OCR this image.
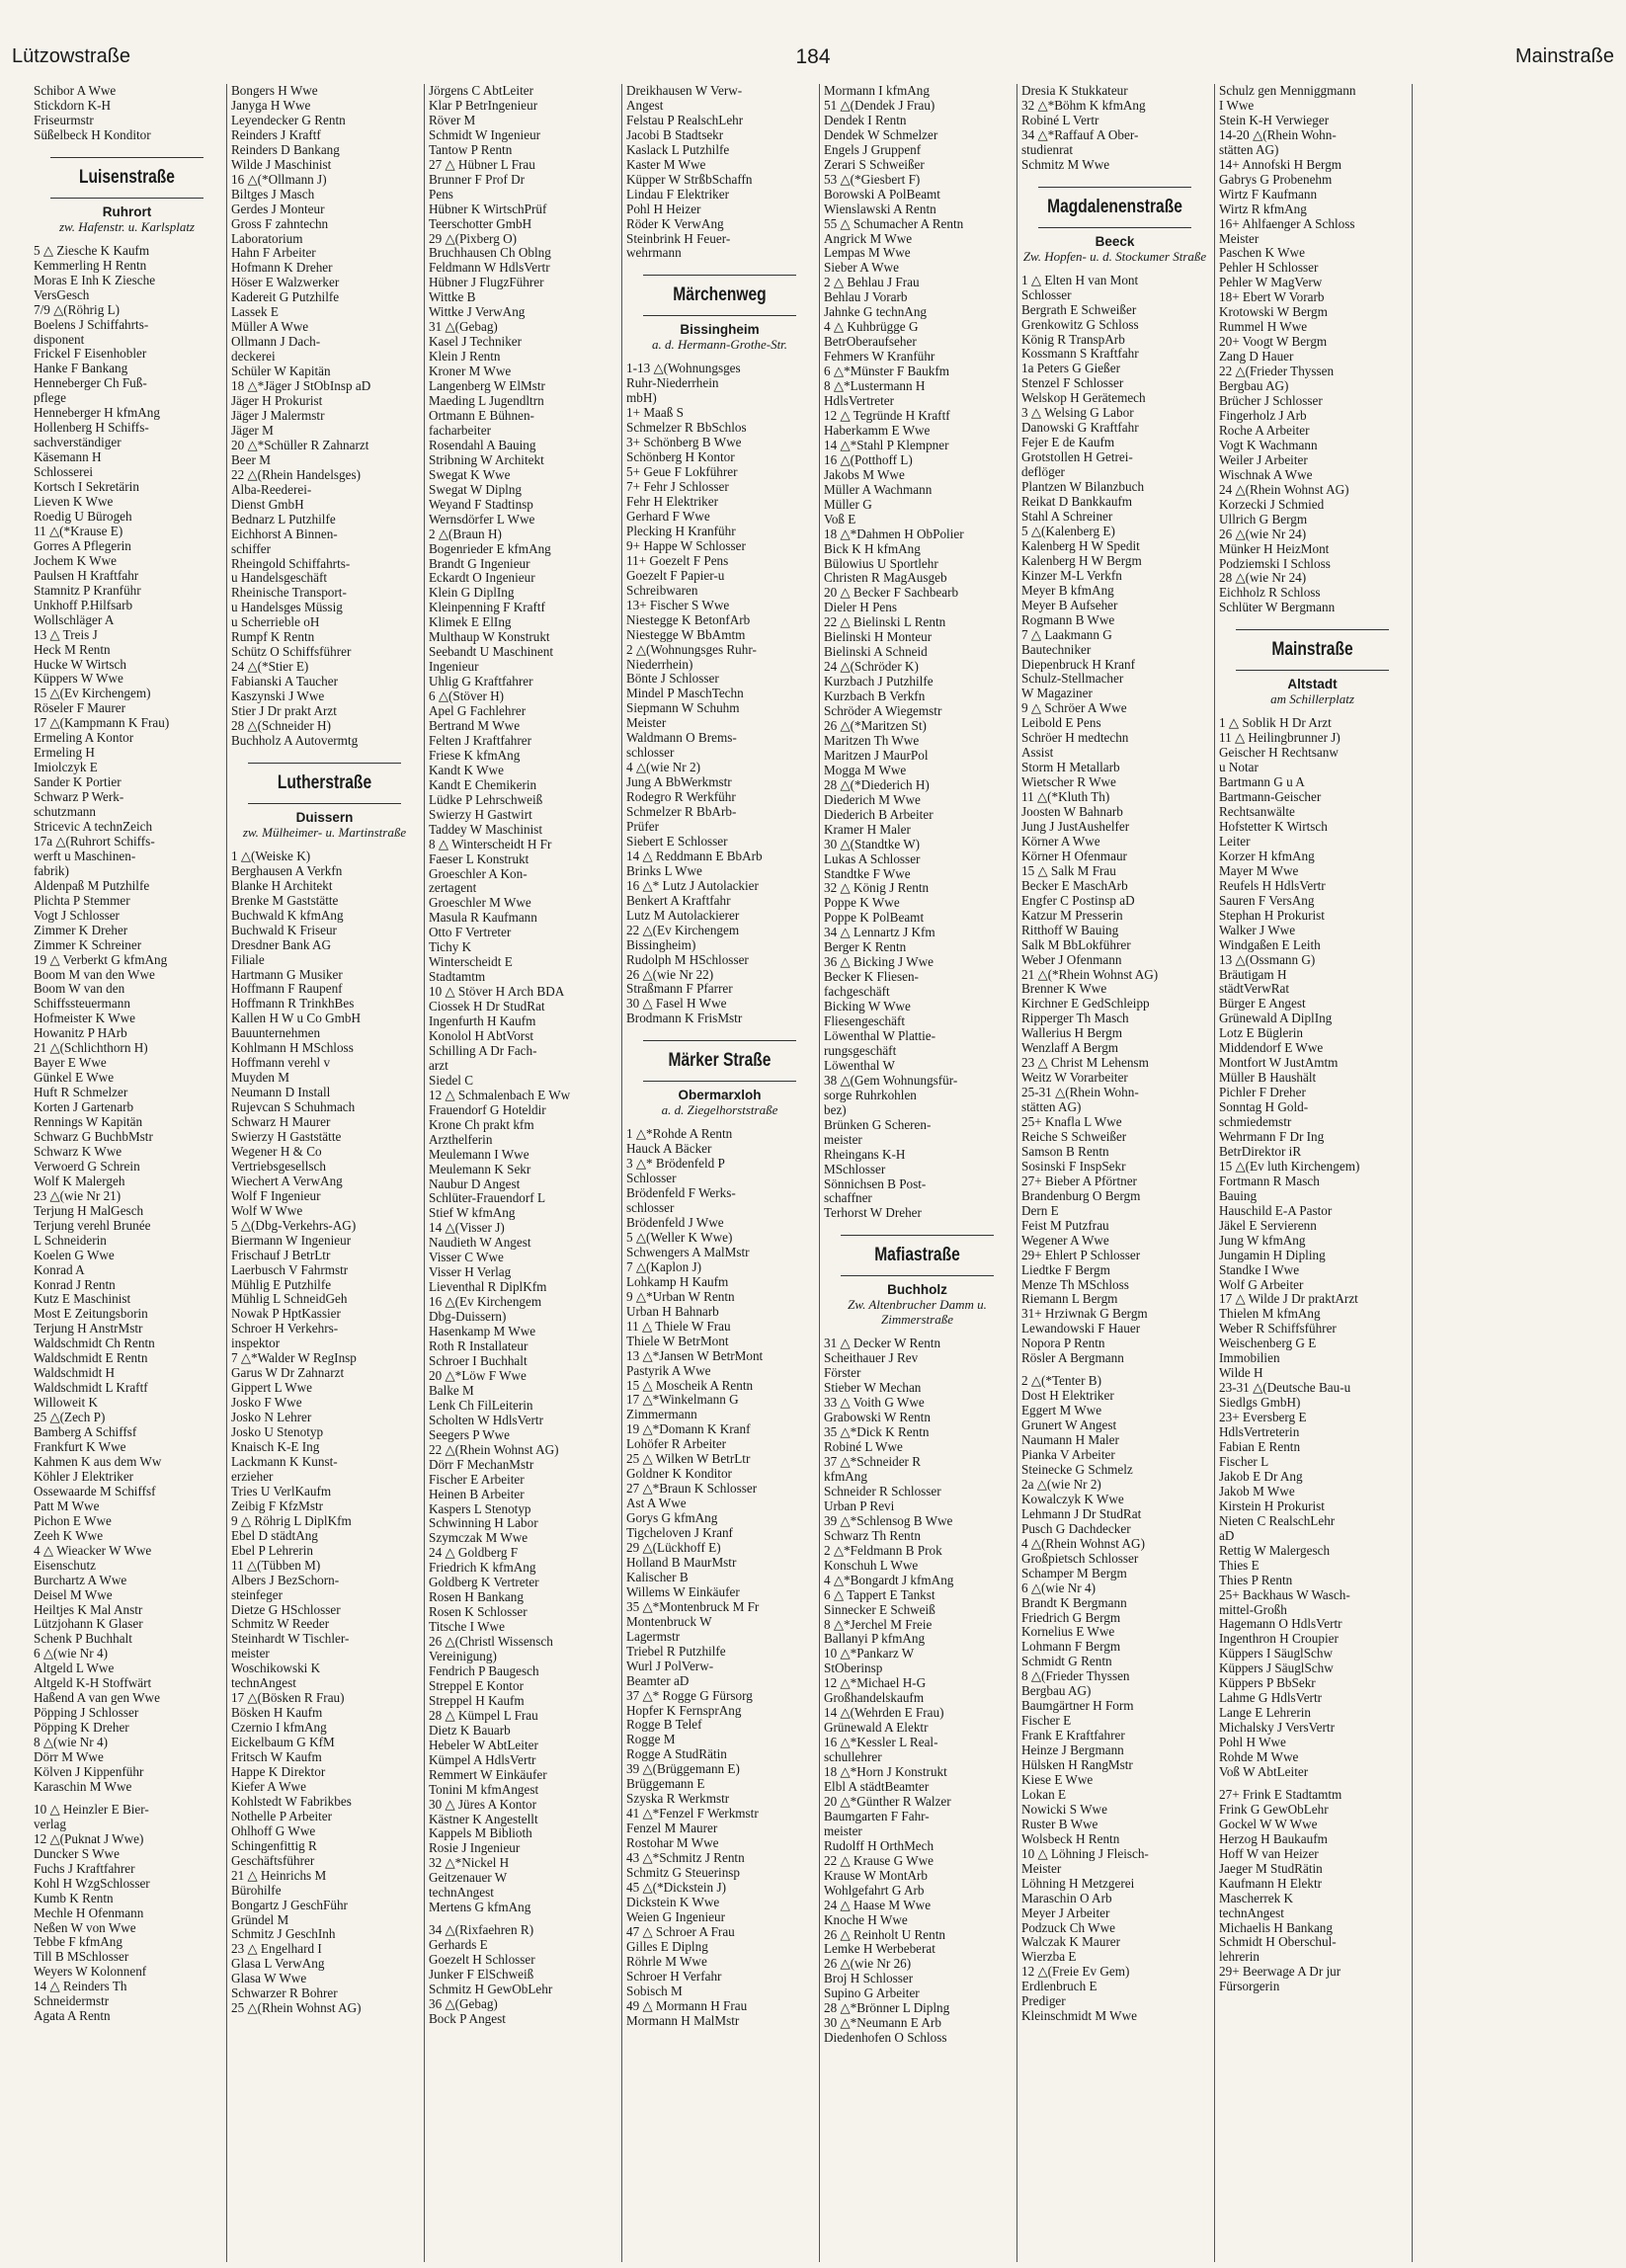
Lützowstraße	184	Mainstraße
Schibor A Wwe
Stickdorn K-H
Friseurmstr
Süßelbeck H Konditor
Luisenstraße
Ruhrort
zw. Hafenstr. u. Karlsplatz
5 △ Ziesche K Kaufm
Kemmerling H Rentn
Moras E Inh K Ziesche
VersGesch
7/9 △(Röhrig L)
Boelens J Schiffahrts-
disponent
Frickel F Eisenhobler
Hanke F Bankang
Henneberger Ch Fuß-
pflege
Henneberger H kfmAng
Hollenberg H Schiffs-
sachverständiger
Käsemann H
Schlosserei
Kortsch I Sekretärin
Lieven K Wwe
Roedig U Bürogeh
11 △(*Krause E)
Gorres A Pflegerin
Jochem K Wwe
Paulsen H Kraftfahr
Stamnitz P Kranführ
Unkhoff P.Hilfsarb
Wollschläger A
13 △ Treis J
Heck M Rentn
Hucke W Wirtsch
Küppers W Wwe
15 △(Ev Kirchengem)
Röseler F Maurer
17 △(Kampmann K Frau)
Ermeling A Kontor
Ermeling H
Imiolczyk E
Sander K Portier
Schwarz P Werk-
schutzmann
Stricevic A technZeich
17a △(Ruhrort Schiffs-
werft u Maschinen-
fabrik)
Aldenpaß M Putzhilfe
Plichta P Stemmer
Vogt J Schlosser
Zimmer K Dreher
Zimmer K Schreiner
19 △ Verberkt G kfmAng
Boom M van den Wwe
Boom W van den
Schiffssteuermann
Hofmeister K Wwe
Howanitz P HArb
21 △(Schlichthorn H)
Bayer E Wwe
Günkel E Wwe
Huft R Schmelzer
Korten J Gartenarb
Rennings W Kapitän
Schwarz G BuchbMstr
Schwarz K Wwe
Verwoerd G Schrein
Wolf K Malergeh
23 △(wie Nr 21)
Terjung H MalGesch
Terjung verehl Brunée
L Schneiderin
Koelen G Wwe
Konrad A
Konrad J Rentn
Kutz E Maschinist
Most E Zeitungsborin
Terjung H AnstrMstr
Waldschmidt Ch Rentn
Waldschmidt E Rentn
Waldschmidt H
Waldschmidt L Kraftf
Willoweit K
25 △(Zech P)
Bamberg A Schiffsf
Frankfurt K Wwe
Kahmen K aus dem Ww
Köhler J Elektriker
Ossewaarde M Schiffsf
Patt M Wwe
Pichon E Wwe
Zeeh K Wwe
4 △ Wieacker W Wwe
Eisenschutz
Burchartz A Wwe
Deisel M Wwe
Heiltjes K Mal Anstr
Lützjohann K Glaser
Schenk P Buchhalt
6 △(wie Nr 4)
Altgeld L Wwe
Altgeld K-H Stoffwärt
Haßend A van gen Wwe
Pöpping J Schlosser
Pöpping K Dreher
8 △(wie Nr 4)
Dörr M Wwe
Kölven J Kippenführ
Karaschin M Wwe
10 △ Heinzler E Bier-
verlag
12 △(Puknat J Wwe)
Duncker S Wwe
Fuchs J Kraftfahrer
Kohl H WzgSchlosser
Kumb K Rentn
Mechle H Ofenmann
Neßen W von Wwe
Tebbe F kfmAng
Till B MSchlosser
Weyers W Kolonnenf
14 △ Reinders Th
Schneidermstr
Agata A Rentn
Bongers H Wwe
Janyga H Wwe
Leyendecker G Rentn
Reinders J Kraftf
Reinders D Bankang
Wilde J Maschinist
16 △(*Ollmann J)
Biltges J Masch
Gerdes J Monteur
Gross F zahntechn
Laboratorium
Hahn F Arbeiter
Hofmann K Dreher
Höser E Walzwerker
Kadereit G Putzhilfe
Lassek E
Müller A Wwe
Ollmann J Dach-
deckerei
Schüler W Kapitän
18 △*Jäger J StObInsp aD
Jäger H Prokurist
Jäger J Malermstr
Jäger M
20 △*Schüller R Zahnarzt
Beer M
22 △(Rhein Handelsges)
Alba-Reederei-
Dienst GmbH
Bednarz L Putzhilfe
Eichhorst A Binnen-
schiffer
Rheingold Schiffahrts-
u Handelsgeschäft
Rheinische Transport-
u Handelsges Müssig
u Scherrieble oH
Rumpf K Rentn
Schütz O Schiffsführer
24 △(*Stier E)
Fabianski A Taucher
Kaszynski J Wwe
Stier J Dr prakt Arzt
28 △(Schneider H)
Buchholz A Autovermtg
Lutherstraße
Duissern
zw. Mülheimer- u. Martinstraße
1 △(Weiske K)
Berghausen A Verkfn
Blanke H Architekt
Brenke M Gaststätte
Buchwald K kfmAng
Buchwald K Friseur
Dresdner Bank AG
Filiale
Hartmann G Musiker
Hoffmann F Raupenf
Hoffmann R TrinkhBes
Kallen H W u Co GmbH
Bauunternehmen
Kohlmann H MSchloss
Hoffmann verehl v
Muyden M
Neumann D Install
Rujevcan S Schuhmach
Schwarz H Maurer
Swierzy H Gaststätte
Wegener H & Co
Vertriebsgesellsch
Wiechert A VerwAng
Wolf F Ingenieur
Wolf W Wwe
5 △(Dbg-Verkehrs-AG)
Biermann W Ingenieur
Frischauf J BetrLtr
Laerbusch V Fahrmstr
Mühlig E Putzhilfe
Mühlig L SchneidGeh
Nowak P HptKassier
Schroer H Verkehrs-
inspektor
7 △*Walder W RegInsp
Garus W Dr Zahnarzt
Gippert L Wwe
Josko F Wwe
Josko N Lehrer
Josko U Stenotyp
Knaisch K-E Ing
Lackmann K Kunst-
erzieher
Tries U VerlKaufm
Zeibig F KfzMstr
9 △ Röhrig L DiplKfm
Ebel D städtAng
Ebel P Lehrerin
11 △(Tübben M)
Albers J BezSchorn-
steinfeger
Dietze G HSchlosser
Schmitz W Reeder
Steinhardt W Tischler-
meister
Woschikowski K
technAngest
17 △(Bösken R Frau)
Bösken H Kaufm
Czernio I kfmAng
Eickelbaum G KfM
Fritsch W Kaufm
Happe K Direktor
Kiefer A Wwe
Kohlstedt W Fabrikbes
Nothelle P Arbeiter
Ohlhoff G Wwe
Schingenfittig R
Geschäftsführer
21 △ Heinrichs M
Bürohilfe
Bongartz J GeschFühr
Gründel M
Schmitz J GeschInh
23 △ Engelhard I
Glasa L VerwAng
Glasa W Wwe
Schwarzer R Bohrer
25 △(Rhein Wohnst AG)
Jörgens C AbtLeiter
Klar P BetrIngenieur
Röver M
Schmidt W Ingenieur
Tantow P Rentn
27 △ Hübner L Frau
Brunner F Prof Dr
Pens
Hübner K WirtschPrüf
Teerschotter GmbH
29 △(Pixberg O)
Bruchhausen Ch Oblng
Feldmann W HdlsVertr
Hübner J FlugzFührer
Wittke B
Wittke J VerwAng
31 △(Gebag)
Kasel J Techniker
Klein J Rentn
Kroner M Wwe
Langenberg W ElMstr
Maeding L Jugendltrn
Ortmann E Bühnen-
facharbeiter
Rosendahl A Bauing
Stribning W Architekt
Swegat K Wwe
Swegat W Diplng
Weyand F Stadtinsp
Wernsdörfer L Wwe
2 △(Braun H)
Bogenrieder E kfmAng
Brandt G Ingenieur
Eckardt O Ingenieur
Klein G DiplIng
Kleinpenning F Kraftf
Klimek E ElIng
Multhaup W Konstrukt
Seebandt U Maschinent
Ingenieur
Uhlig G Kraftfahrer
6 △(Stöver H)
Apel G Fachlehrer
Bertrand M Wwe
Felten J Kraftfahrer
Friese K kfmAng
Kandt K Wwe
Kandt E Chemikerin
Lüdke P Lehrschweiß
Swierzy H Gastwirt
Taddey W Maschinist
8 △ Winterscheidt H Fr
Faeser L Konstrukt
Groeschler A Kon-
zertagent
Groeschler M Wwe
Masula R Kaufmann
Otto F Vertreter
Tichy K
Winterscheidt E
Stadtamtm
10 △ Stöver H Arch BDA
Ciossek H Dr StudRat
Ingenfurth H Kaufm
Konolol H AbtVorst
Schilling A Dr Fach-
arzt
Siedel C
12 △ Schmalenbach E Ww
Frauendorf G Hoteldir
Krone Ch prakt kfm
Arzthelferin
Meulemann I Wwe
Meulemann K Sekr
Naubur D Angest
Schlüter-Frauendorf L
Stief W kfmAng
14 △(Visser J)
Naudieth W Angest
Visser C Wwe
Visser H Verlag
Lieventhal R DiplKfm
16 △(Ev Kirchengem
Dbg-Duissern)
Hasenkamp M Wwe
Roth R Installateur
Schroer I Buchhalt
20 △*Löw F Wwe
Balke M
Lenk Ch FilLeiterin
Scholten W HdlsVertr
Seegers P Wwe
22 △(Rhein Wohnst AG)
Dörr F MechanMstr
Fischer E Arbeiter
Heinen B Arbeiter
Kaspers L Stenotyp
Schwinning H Labor
Szymczak M Wwe
24 △ Goldberg F
Friedrich K kfmAng
Goldberg K Vertreter
Rosen H Bankang
Rosen K Schlosser
Titsche I Wwe
26 △(Christl Wissensch
Vereinigung)
Fendrich P Baugesch
Streppel E Kontor
Streppel H Kaufm
28 △ Kümpel L Frau
Dietz K Bauarb
Hebeler W AbtLeiter
Kümpel A HdlsVertr
Remmert W Einkäufer
Tonini M kfmAngest
30 △ Jüres A Kontor
Kästner K Angestellt
Kappels M Biblioth
Rosie J Ingenieur
32 △*Nickel H
Geitzenauer W
technAngest
Mertens G kfmAng
34 △(Rixfaehren R)
Gerhards E
Goezelt H Schlosser
Junker F ElSchweiß
Schmitz H GewObLehr
36 △(Gebag)
Bock P Angest
Dreikhausen W Verw-
Angest
Felstau P RealschLehr
Jacobi B Stadtsekr
Kaslack L Putzhilfe
Kaster M Wwe
Küpper W StrßbSchaffn
Lindau F Elektriker
Pohl H Heizer
Röder K VerwAng
Steinbrink H Feuer-
wehrmann
Märchenweg
Bissingheim
a. d. Hermann-Grothe-Str.
1-13 △(Wohnungsges
Ruhr-Niederrhein
mbH)
1+ Maaß S
Schmelzer R BbSchlos
3+ Schönberg B Wwe
Schönberg H Kontor
5+ Geue F Lokführer
7+ Fehr J Schlosser
Fehr H Elektriker
Gerhard F Wwe
Plecking H Kranführ
9+ Happe W Schlosser
11+ Goezelt F Pens
Goezelt F Papier-u
Schreibwaren
13+ Fischer S Wwe
Niestegge K BetonfArb
Niestegge W BbAmtm
2 △(Wohnungsges Ruhr-
Niederrhein)
Bönte J Schlosser
Mindel P MaschTechn
Siepmann W Schuhm
Meister
Waldmann O Brems-
schlosser
4 △(wie Nr 2)
Jung A BbWerkmstr
Rodegro R Werkführ
Schmelzer R BbArb-
Prüfer
Siebert E Schlosser
14 △ Reddmann E BbArb
Brinks L Wwe
16 △* Lutz J Autolackier
Benkert A Kraftfahr
Lutz M Autolackierer
22 △(Ev Kirchengem
Bissingheim)
Rudolph M HSchlosser
26 △(wie Nr 22)
Straßmann F Pfarrer
30 △ Fasel H Wwe
Brodmann K FrisMstr
Märker Straße
Obermarxloh
a. d. Ziegelhorststraße
1 △*Rohde A Rentn
Hauck A Bäcker
3 △* Brödenfeld P
Schlosser
Brödenfeld F Werks-
schlosser
Brödenfeld J Wwe
5 △(Weller K Wwe)
Schwengers A MalMstr
7 △(Kaplon J)
Lohkamp H Kaufm
9 △*Urban W Rentn
Urban H Bahnarb
11 △ Thiele W Frau
Thiele W BetrMont
13 △*Jansen W BetrMont
Pastyrik A Wwe
15 △ Moscheik A Rentn
17 △*Winkelmann G
Zimmermann
19 △*Domann K Kranf
Lohöfer R Arbeiter
25 △ Wilken W BetrLtr
Goldner K Konditor
27 △*Braun K Schlosser
Ast A Wwe
Gorys G kfmAng
Tigcheloven J Kranf
29 △(Lückhoff E)
Holland B MaurMstr
Kalischer B
Willems W Einkäufer
35 △*Montenbruck M Fr
Montenbruck W
Lagermstr
Triebel R Putzhilfe
Wurl J PolVerw-
Beamter aD
37 △* Rogge G Fürsorg
Hopfer K FernsprAng
Rogge B Telef
Rogge M
Rogge A StudRätin
39 △(Brüggemann E)
Brüggemann E
Szyska R Werkmstr
41 △*Fenzel F Werkmstr
Fenzel M Maurer
Rostohar M Wwe
43 △*Schmitz J Rentn
Schmitz G Steuerinsp
45 △(*Dickstein J)
Dickstein K Wwe
Weien G Ingenieur
47 △ Schroer A Frau
Gilles E Diplng
Röhrle M Wwe
Schroer H Verfahr
Sobisch M
49 △ Mormann H Frau
Mormann H MalMstr
Mormann I kfmAng
51 △(Dendek J Frau)
Dendek I Rentn
Dendek W Schmelzer
Engels J Gruppenf
Zerari S Schweißer
53 △(*Giesbert F)
Borowski A PolBeamt
Wienslawski A Rentn
55 △ Schumacher A Rentn
Angrick M Wwe
Lempas M Wwe
Sieber A Wwe
2 △ Behlau J Frau
Behlau J Vorarb
Jahnke G technAng
4 △ Kuhbrügge G
BetrOberaufseher
Fehmers W Kranführ
6 △*Münster F Baukfm
8 △*Lustermann H
HdlsVertreter
12 △ Tegründe H Kraftf
Haberkamm E Wwe
14 △*Stahl P Klempner
16 △(Potthoff L)
Jakobs M Wwe
Müller A Wachmann
Müller G
Voß E
18 △*Dahmen H ObPolier
Bick K H kfmAng
Bülowius U Sportlehr
Christen R MagAusgeb
20 △ Becker F Sachbearb
Dieler H Pens
22 △ Bielinski L Rentn
Bielinski H Monteur
Bielinski A Schneid
24 △(Schröder K)
Kurzbach J Putzhilfe
Kurzbach B Verkfn
Schröder A Wiegemstr
26 △(*Maritzen St)
Maritzen Th Wwe
Maritzen J MaurPol
Mogga M Wwe
28 △(*Diederich H)
Diederich M Wwe
Diederich B Arbeiter
Kramer H Maler
30 △(Standtke W)
Lukas A Schlosser
Standtke F Wwe
32 △ König J Rentn
Poppe K Wwe
Poppe K PolBeamt
34 △ Lennartz J Kfm
Berger K Rentn
36 △ Bicking J Wwe
Becker K Fliesen-
fachgeschäft
Bicking W Wwe
Fliesengeschäft
Löwenthal W Plattie-
rungsgeschäft
Löwenthal W
38 △(Gem Wohnungsfür-
sorge Ruhrkohlen
bez)
Brünken G Scheren-
meister
Rheingans K-H
MSchlosser
Sönnichsen B Post-
schaffner
Terhorst W Dreher
Mafiastraße
Buchholz
Zw. Altenbrucher Damm u. Zimmerstraße
31 △ Decker W Rentn
Scheithauer J Rev
Förster
Stieber W Mechan
33 △ Voith G Wwe
Grabowski W Rentn
35 △*Dick K Rentn
Robiné L Wwe
37 △*Schneider R
kfmAng
Schneider R Schlosser
Urban P Revi
39 △*Schlensog B Wwe
Schwarz Th Rentn
2 △*Feldmann B Prok
Konschuh L Wwe
4 △*Bongardt J kfmAng
6 △ Tappert E Tankst
Sinnecker E Schweiß
8 △*Jerchel M Freie
Ballanyi P kfmAng
10 △*Pankarz W
StOberinsp
12 △*Michael H-G
Großhandelskaufm
14 △(Wehrden E Frau)
Grünewald A Elektr
16 △*Kessler L Real-
schullehrer
18 △*Horn J Konstrukt
Elbl A städtBeamter
20 △*Günther R Walzer
Baumgarten F Fahr-
meister
Rudolff H OrthMech
22 △ Krause G Wwe
Krause W MontArb
Wohlgefahrt G Arb
24 △ Haase M Wwe
Knoche H Wwe
26 △ Reinholt U Rentn
Lemke H Werbeberat
26 △(wie Nr 26)
Broj H Schlosser
Supino G Arbeiter
28 △*Brönner L Diplng
30 △*Neumann E Arb
Diedenhofen O Schloss
Dresia K Stukkateur
32 △*Böhm K kfmAng
Robiné L Vertr
34 △*Raffauf A Ober-
studienrat
Schmitz M Wwe
Magdalenenstraße
Beeck
Zw. Hopfen- u. d. Stockumer Straße
1 △ Elten H van Mont
Schlosser
Bergrath E Schweißer
Grenkowitz G Schloss
König R TranspArb
Kossmann S Kraftfahr
1a Peters G Gießer
Stenzel F Schlosser
Welskop H Gerätemech
3 △ Welsing G Labor
Danowski G Kraftfahr
Fejer E de Kaufm
Grotstollen H Getrei-
deflöger
Plantzen W Bilanzbuch
Reikat D Bankkaufm
Stahl A Schreiner
5 △(Kalenberg E)
Kalenberg H W Spedit
Kalenberg H W Bergm
Kinzer M-L Verkfn
Meyer B kfmAng
Meyer B Aufseher
Rogmann B Wwe
7 △ Laakmann G
Bautechniker
Diepenbruck H Kranf
Schulz-Stellmacher
W Magaziner
9 △ Schröer A Wwe
Leibold E Pens
Schröer H medtechn
Assist
Storm H Metallarb
Wietscher R Wwe
11 △(*Kluth Th)
Joosten W Bahnarb
Jung J JustAushelfer
Körner A Wwe
Körner H Ofenmaur
15 △ Salk M Frau
Becker E MaschArb
Engfer C Postinsp aD
Katzur M Presserin
Ritthoff W Bauing
Salk M BbLokführer
Weber J Ofenmann
21 △(*Rhein Wohnst AG)
Brenner K Wwe
Kirchner E GedSchleipp
Ripperger Th Masch
Wallerius H Bergm
Wenzlaff A Bergm
23 △ Christ M Lehensm
Weitz W Vorarbeiter
25-31 △(Rhein Wohn-
stätten AG)
25+ Knafla L Wwe
Reiche S Schweißer
Samson B Rentn
Sosinski F InspSekr
27+ Bieber A Pförtner
Brandenburg O Bergm
Dern E
Feist M Putzfrau
Wegener A Wwe
29+ Ehlert P Schlosser
Liedtke F Bergm
Menze Th MSchloss
Riemann L Bergm
31+ Hrziwnak G Bergm
Lewandowski F Hauer
Nopora P Rentn
Rösler A Bergmann
2 △(*Tenter B)
Dost H Elektriker
Eggert M Wwe
Grunert W Angest
Naumann H Maler
Pianka V Arbeiter
Steinecke G Schmelz
2a △(wie Nr 2)
Kowalczyk K Wwe
Lehmann J Dr StudRat
Pusch G Dachdecker
4 △(Rhein Wohnst AG)
Großpietsch Schlosser
Schamper M Bergm
6 △(wie Nr 4)
Brandt K Bergmann
Friedrich G Bergm
Kornelius E Wwe
Lohmann F Bergm
Schmidt G Rentn
8 △(Frieder Thyssen
Bergbau AG)
Baumgärtner H Form
Fischer E
Frank E Kraftfahrer
Heinze J Bergmann
Hülsken H RangMstr
Kiese E Wwe
Lokan E
Nowicki S Wwe
Ruster B Wwe
Wolsbeck H Rentn
10 △ Löhning J Fleisch-
Meister
Löhning H Metzgerei
Maraschin O Arb
Meyer J Arbeiter
Podzuck Ch Wwe
Walczak K Maurer
Wierzba E
12 △(Freie Ev Gem)
Erdlenbruch E
Prediger
Kleinschmidt M Wwe
Schulz gen Menniggmann
I Wwe
Stein K-H Verwieger
14-20 △(Rhein Wohn-
stätten AG)
14+ Annofski H Bergm
Gabrys G Probenehm
Wirtz F Kaufmann
Wirtz R kfmAng
16+ Ahlfaenger A Schloss
Meister
Paschen K Wwe
Pehler H Schlosser
Pehler W MagVerw
18+ Ebert W Vorarb
Krotowski W Bergm
Rummel H Wwe
20+ Voogt W Bergm
Zang D Hauer
22 △(Frieder Thyssen
Bergbau AG)
Brücher J Schlosser
Fingerholz J Arb
Roche A Arbeiter
Vogt K Wachmann
Weiler J Arbeiter
Wischnak A Wwe
24 △(Rhein Wohnst AG)
Korzecki J Schmied
Ullrich G Bergm
26 △(wie Nr 24)
Münker H HeizMont
Podziemski I Schloss
28 △(wie Nr 24)
Eichholz R Schloss
Schlüter W Bergmann
Mainstraße
Altstadt
am Schillerplatz
1 △ Soblik H Dr Arzt
11 △ Heilingbrunner J)
Geischer H Rechtsanw
u Notar
Bartmann G u A
Bartmann-Geischer
Rechtsanwälte
Hofstetter K Wirtsch
Leiter
Korzer H kfmAng
Mayer M Wwe
Reufels H HdlsVertr
Sauren F VersAng
Stephan H Prokurist
Walker J Wwe
Windgaßen E Leith
13 △(Ossmann G)
Bräutigam H
städtVerwRat
Bürger E Angest
Grünewald A DiplIng
Lotz E Büglerin
Middendorf E Wwe
Montfort W JustAmtm
Müller B Haushält
Pichler F Dreher
Sonntag H Gold-
schmiedemstr
Wehrmann F Dr Ing
BetrDirektor iR
15 △(Ev luth Kirchengem)
Fortmann R Masch
Bauing
Hauschild E-A Pastor
Jäkel E Servierenn
Jung W kfmAng
Jungamin H Dipling
Standke I Wwe
Wolf G Arbeiter
17 △ Wilde J Dr praktArzt
Thielen M kfmAng
Weber R Schiffsführer
Weischenberg G E
Immobilien
Wilde H
23-31 △(Deutsche Bau-u
Siedlgs GmbH)
23+ Eversberg E
HdlsVertreterin
Fabian E Rentn
Fischer L
Jakob E Dr Ang
Jakob M Wwe
Kirstein H Prokurist
Nieten C RealschLehr
aD
Rettig W Malergesch
Thies E
Thies P Rentn
25+ Backhaus W Wasch-
mittel-Großh
Hagemann O HdlsVertr
Ingenthron H Croupier
Küppers I SäuglSchw
Küppers J SäuglSchw
Küppers P BbSekr
Lahme G HdlsVertr
Lange E Lehrerin
Michalsky J VersVertr
Pohl H Wwe
Rohde M Wwe
Voß W AbtLeiter
27+ Frink E Stadtamtm
Frink G GewObLehr
Gockel W W Wwe
Herzog H Baukaufm
Hoff W van Heizer
Jaeger M StudRätin
Kaufmann H Elektr
Mascherrek K
technAngest
Michaelis H Bankang
Schmidt H Oberschul-
lehrerin
29+ Beerwage A Dr jur
Fürsorgerin
